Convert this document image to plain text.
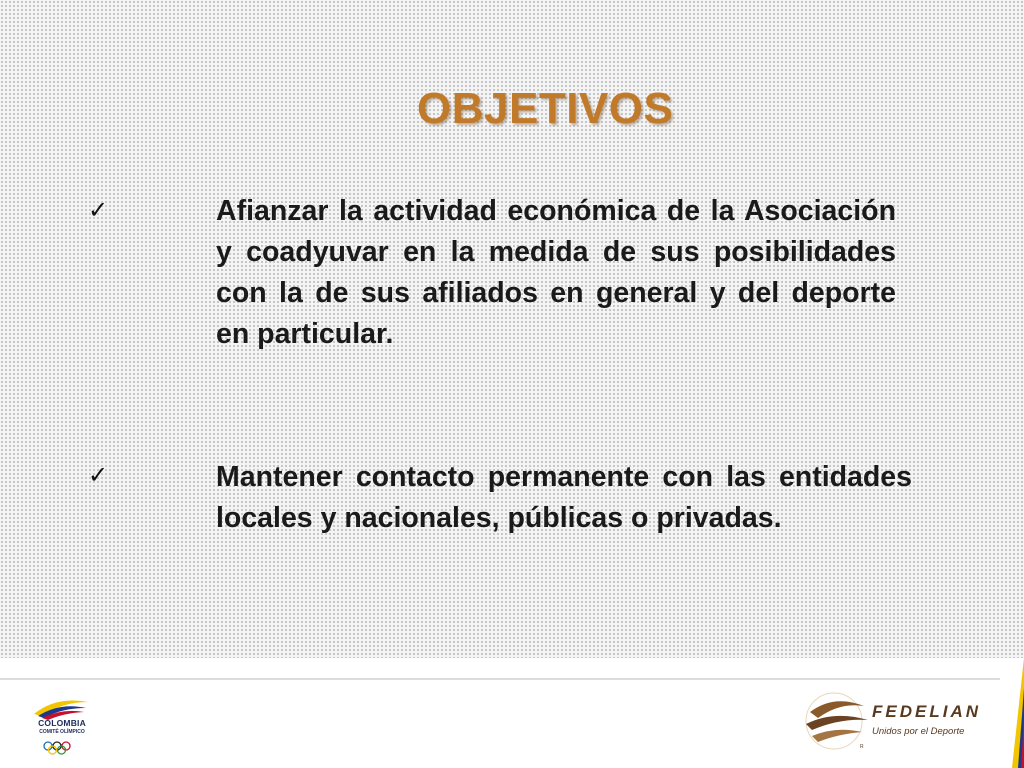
OBJETIVOS
✓	Afianzar la actividad económica de la Asociación y coadyuvar en la medida de sus posibilidades con la de sus afiliados en general y del deporte en particular.
✓	Mantener contacto permanente con las entidades locales y nacionales, públicas o privadas.
COLOMBIA
COMITÉ OLÍMPICO
FEDELIAN
Unidos por el Deporte
R
